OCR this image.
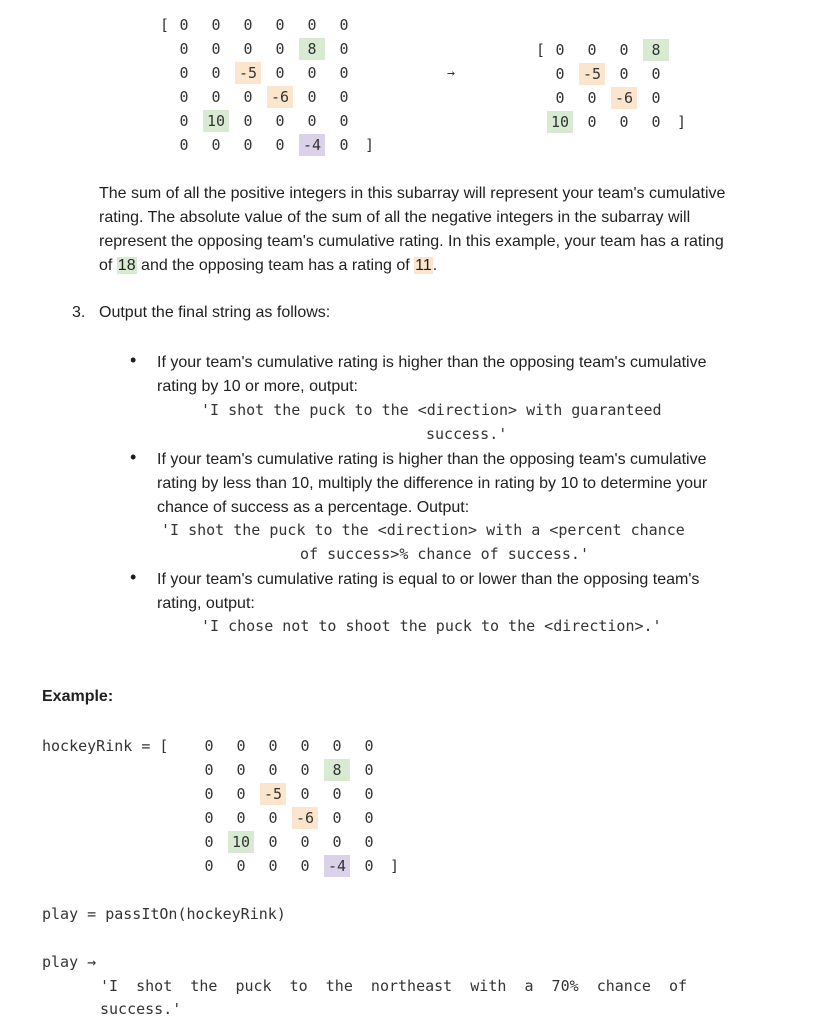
[ 0	0	0	0	0	0
0	0	0	0	8	0
0	0	-5	0	0	0
0	0	0	-6	0	0
0	10	0	0	0	0
0	0	0	0	-4	0	]
→
[ 0	0	0	8
0	-5	0	0
0	0	-6	0
10	0	0	0	]
The sum of all the positive integers in this subarray will represent your team's cumulative
rating. The absolute value of the sum of all the negative integers in the subarray will
represent the opposing team's cumulative rating. In this example, your team has a rating
of 18 and the opposing team has a rating of 11.
3. Output the final string as follows:
• If your team's cumulative rating is higher than the opposing team's cumulative
rating by 10 or more, output:
'I shot the puck to the <direction> with guaranteed
success.'
• If your team's cumulative rating is higher than the opposing team's cumulative
rating by less than 10, multiply the difference in rating by 10 to determine your
chance of success as a percentage. Output:
'I shot the puck to the <direction> with a <percent chance
of success>% chance of success.'
• If your team's cumulative rating is equal to or lower than the opposing team's
rating, output:
'I chose not to shoot the puck to the <direction>.'
Example:
hockeyRink = [	0	0	0	0	0	0
0	0	0	0	8	0
0	0	-5	0	0	0
0	0	0	-6	0	0
0	10	0	0	0	0
0	0	0	0	-4	0	]
play = passItOn(hockeyRink)
play →
'I  shot  the  puck  to  the  northeast  with  a  70%  chance  of
success.'
